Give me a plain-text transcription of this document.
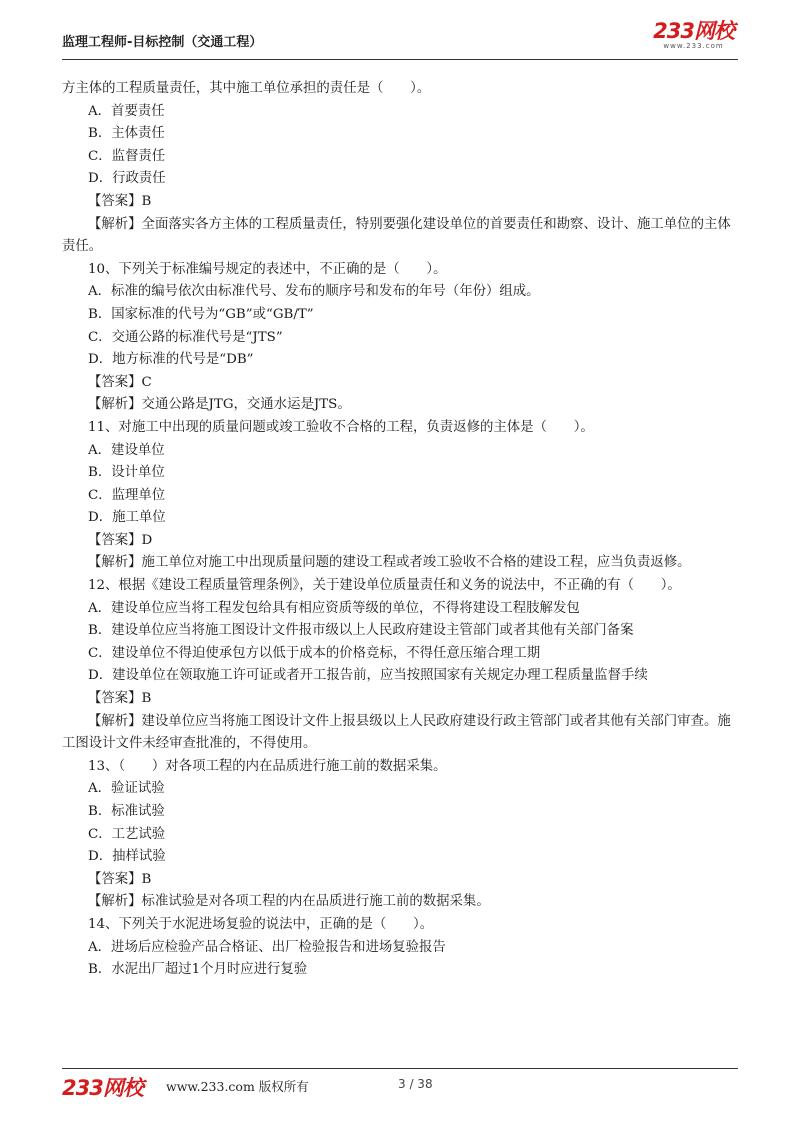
监理工程师-目标控制（交通工程）	233网校
www.233.com
方主体的工程质量责任，其中施工单位承担的责任是（　　）。
A．首要责任
B．主体责任
C．监督责任
D．行政责任
【答案】B
【解析】全面落实各方主体的工程质量责任，特别要强化建设单位的首要责任和勘察、设计、施工单位的主体责任。
10、下列关于标准编号规定的表述中，不正确的是（　　）。
A．标准的编号依次由标准代号、发布的顺序号和发布的年号（年份）组成。
B．国家标准的代号为“GB”或“GB/T”
C．交通公路的标准代号是“JTS”
D．地方标准的代号是“DB”
【答案】C
【解析】交通公路是JTG，交通水运是JTS。
11、对施工中出现的质量问题或竣工验收不合格的工程，负责返修的主体是（　　）。
A．建设单位
B．设计单位
C．监理单位
D．施工单位
【答案】D
【解析】施工单位对施工中出现质量问题的建设工程或者竣工验收不合格的建设工程，应当负责返修。
12、根据《建设工程质量管理条例》，关于建设单位质量责任和义务的说法中，不正确的有（　　）。
A．建设单位应当将工程发包给具有相应资质等级的单位，不得将建设工程肢解发包
B．建设单位应当将施工图设计文件报市级以上人民政府建设主管部门或者其他有关部门备案
C．建设单位不得迫使承包方以低于成本的价格竞标，不得任意压缩合理工期
D．建设单位在领取施工许可证或者开工报告前，应当按照国家有关规定办理工程质量监督手续
【答案】B
【解析】建设单位应当将施工图设计文件上报县级以上人民政府建设行政主管部门或者其他有关部门审查。施工图设计文件未经审查批准的，不得使用。
13、（　　）对各项工程的内在品质进行施工前的数据采集。
A．验证试验
B．标准试验
C．工艺试验
D．抽样试验
【答案】B
【解析】标准试验是对各项工程的内在品质进行施工前的数据采集。
14、下列关于水泥进场复验的说法中，正确的是（　　）。
A．进场后应检验产品合格证、出厂检验报告和进场复验报告
B．水泥出厂超过1个月时应进行复验
233网校 www.233.com 版权所有	3 / 38
